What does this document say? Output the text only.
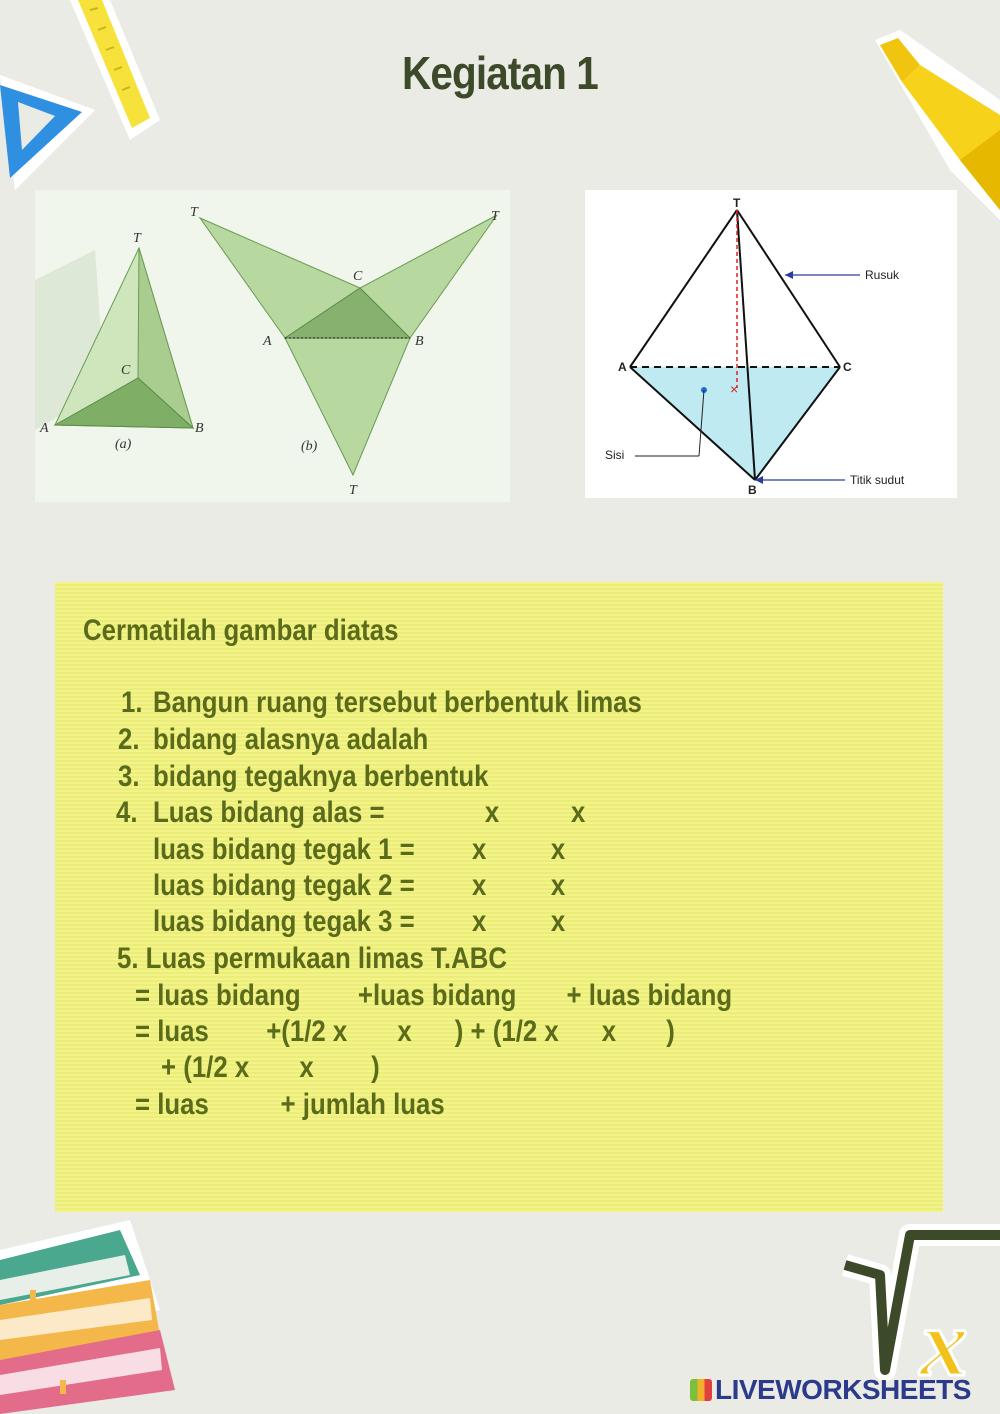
x
Kegiatan 1
T
C
A	B
(a)
T	T
C
A	B
(b)
T
×
T
A	C
B
Rusuk
Sisi
Titik sudut
Cermatilah gambar diatas
1. Bangun ruang tersebut berbentuk limas
2. bidang alasnya adalah
3. bidang tegaknya berbentuk
4. Luas bidang alas =              x          x
luas bidang tegak 1 =        x         x
luas bidang tegak 2 =        x         x
luas bidang tegak 3 =        x         x
5. Luas permukaan limas T.ABC
= luas bidang        +luas bidang       + luas bidang
= luas        +(1/2 x       x      ) + (1/2 x      x       )
+ (1/2 x       x        )
= luas          + jumlah luas
LIVEWORKSHEETS
